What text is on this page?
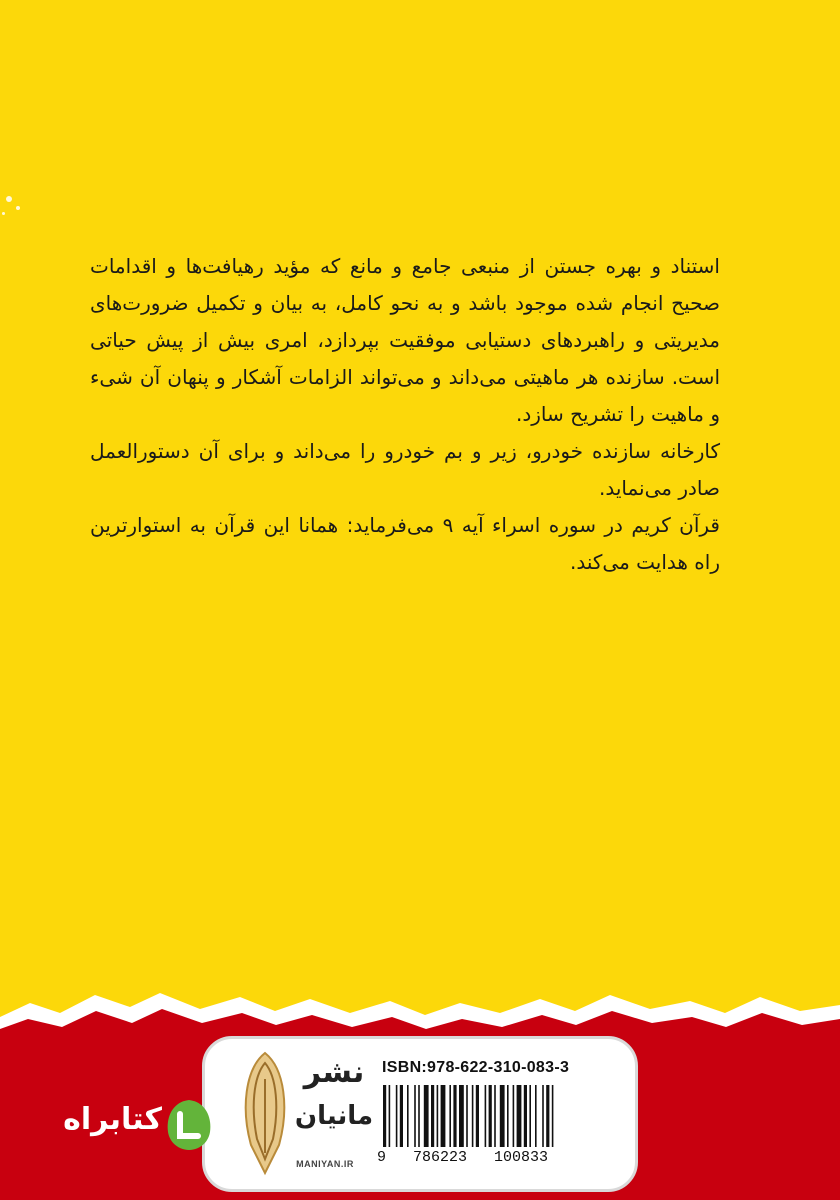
استناد و بهره جستن از منبعی جامع و مانع که مؤید رهیافت‌ها و اقدامات صحیح انجام شده موجود باشد و به نحو کامل، به بیان و تکمیل ضرورت‌های مدیریتی و راهبردهای دستیابی موفقیت بپردازد، امری بیش از پیش حیاتی است. سازنده هر ماهیتی می‌داند و می‌تواند الزامات آشکار و پنهان آن شیء و ماهیت را تشریح سازد.

کارخانه سازنده خودرو، زیر و بم خودرو را می‌داند و برای آن دستورالعمل صادر می‌نماید.

قرآن کریم در سوره اسراء آیه ۹ می‌فرماید: همانا این قرآن به استوارترین راه هدایت می‌کند.

نشر
مانیان
MANIYAN.IR
ISBN:978-622-310-083-3
9   786223   100833
کتابراه
